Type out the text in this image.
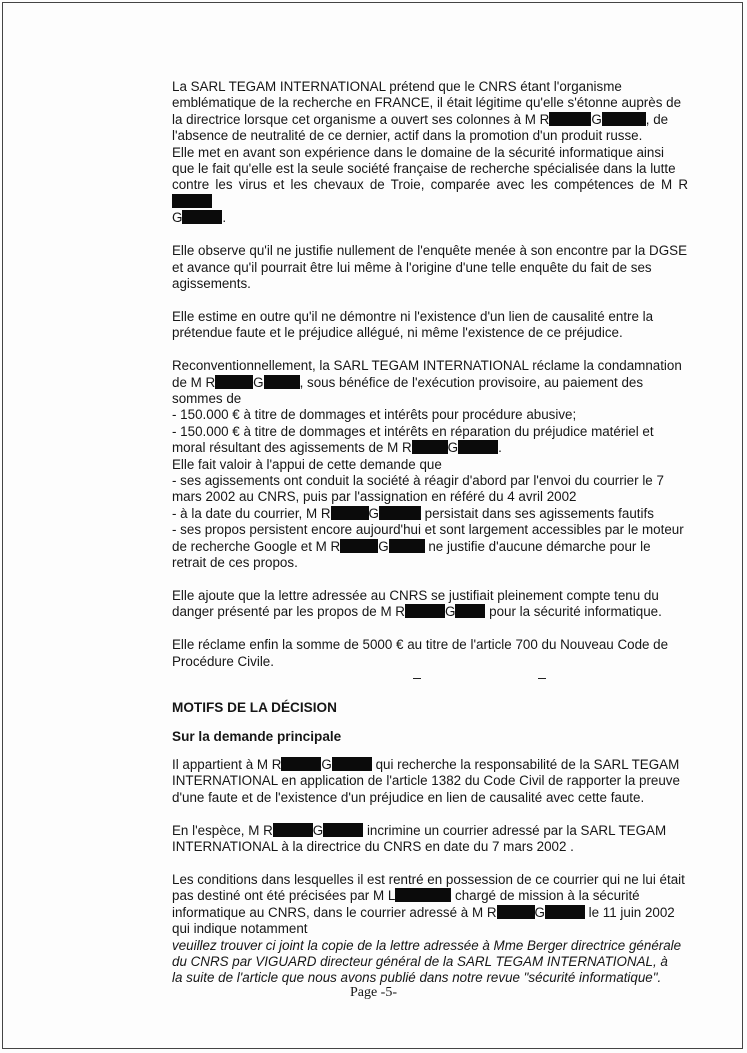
La SARL TEGAM INTERNATIONAL prétend que le CNRS étant l'organisme
emblématique de la recherche en FRANCE, il était légitime qu'elle s'étonne auprès de
la directrice lorsque cet organisme a ouvert ses colonnes à M R	G	, de
l'absence de neutralité de ce dernier, actif dans la promotion d'un produit russe.
Elle met en avant son expérience dans le domaine de la sécurité informatique ainsi
que le fait qu'elle est la seule société française de recherche spécialisée dans la lutte
contre les virus et les chevaux de Troie, comparée avec les compétences de M R
G	.

Elle observe qu'il ne justifie nullement de l'enquête menée à son encontre par la DGSE
et avance qu'il pourrait être lui même à l'origine d'une telle enquête du fait de ses
agissements.

Elle estime en outre qu'il ne démontre ni l'existence d'un lien de causalité entre la
prétendue faute et le préjudice allégué, ni même l'existence de ce préjudice.

Reconventionnellement, la SARL TEGAM INTERNATIONAL réclame la condamnation
de M R	G	, sous bénéfice de l'exécution provisoire, au paiement des
sommes de
- 150.000 € à titre de dommages et intérêts pour procédure abusive;
- 150.000 € à titre de dommages et intérêts en réparation du préjudice matériel et
moral résultant des agissements de M R	G	.
Elle fait valoir à l'appui de cette demande que
- ses agissements ont conduit la société à réagir d'abord par l'envoi du courrier le 7
mars 2002 au CNRS, puis par l'assignation en référé du 4 avril 2002
- à la date du courrier, M R	G	persistait dans ses agissements fautifs
- ses propos persistent encore aujourd'hui et sont largement accessibles par le moteur
de recherche Google et M R	G	ne justifie d'aucune démarche pour le
retrait de ces propos.

Elle ajoute que la lettre adressée au CNRS se justifiait pleinement compte tenu du
danger présenté par les propos de M R	G pour la sécurité informatique.

Elle réclame enfin la somme de 5000 € au titre de l'article 700 du Nouveau Code de
Procédure Civile.

MOTIFS DE LA DÉCISION
Sur la demande principale

Il appartient à M R	G	qui recherche la responsabilité de la SARL TEGAM
INTERNATIONAL en application de l'article 1382 du Code Civil de rapporter la preuve
d'une faute et de l'existence d'un préjudice en lien de causalité avec cette faute.

En l'espèce, M R	G	incrimine un courrier adressé par la SARL TEGAM
INTERNATIONAL à la directrice du CNRS en date du 7 mars 2002 .

Les conditions dans lesquelles il est rentré en possession de ce courrier qui ne lui était
pas destiné ont été précisées par M L	chargé de mission à la sécurité
informatique au CNRS, dans le courrier adressé à M R	G	le 11 juin 2002
qui indique notamment

veuillez trouver ci joint la copie de la lettre adressée à Mme Berger directrice générale
du CNRS par VIGUARD directeur général de la SARL TEGAM INTERNATIONAL, à
la suite de l'article que nous avons publié dans notre revue "sécurité informatique".

Page -5-
